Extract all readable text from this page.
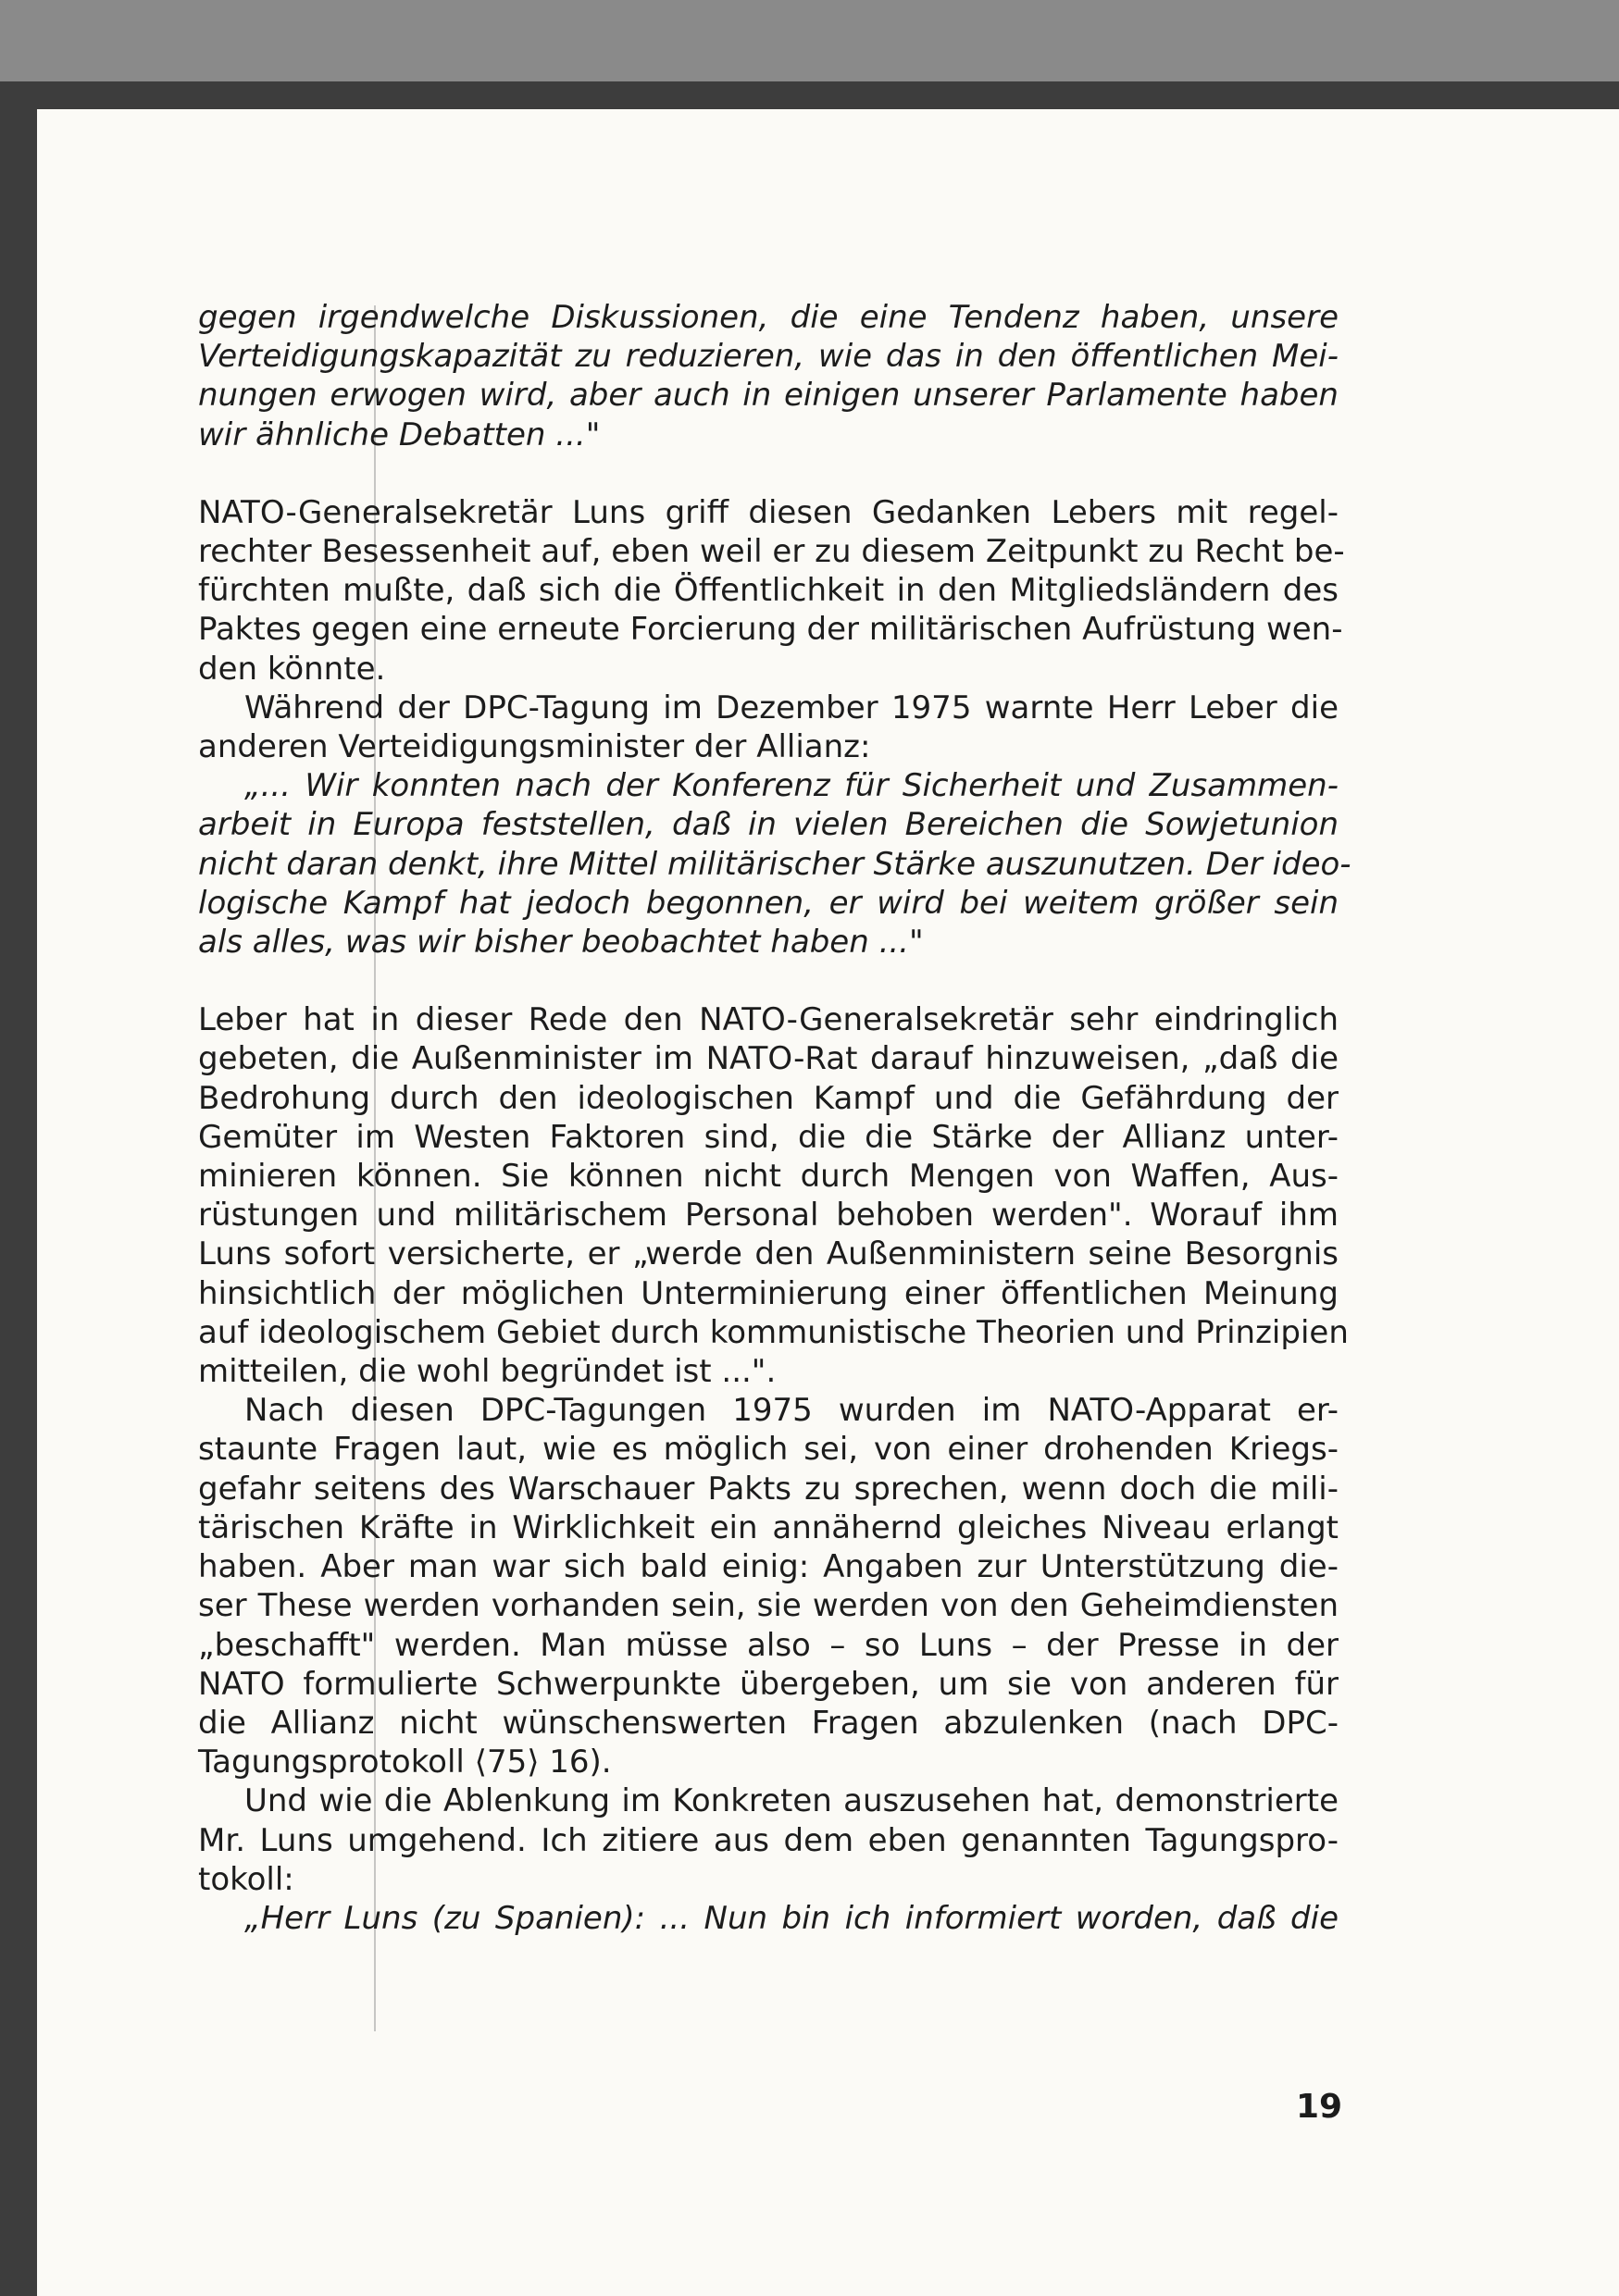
gegen irgendwelche Diskussionen, die eine Tendenz haben, unsere
Verteidigungskapazität zu reduzieren, wie das in den öffentlichen Mei-
nungen erwogen wird, aber auch in einigen unserer Parlamente haben
wir ähnliche Debatten ..."
NATO-Generalsekretär Luns griff diesen Gedanken Lebers mit regel-
rechter Besessenheit auf, eben weil er zu diesem Zeitpunkt zu Recht be-
fürchten mußte, daß sich die Öffentlichkeit in den Mitgliedsländern des
Paktes gegen eine erneute Forcierung der militärischen Aufrüstung wen-
den könnte.
Während der DPC-Tagung im Dezember 1975 warnte Herr Leber die
anderen Verteidigungsminister der Allianz:
„... Wir konnten nach der Konferenz für Sicherheit und Zusammen-
arbeit in Europa feststellen, daß in vielen Bereichen die Sowjetunion
nicht daran denkt, ihre Mittel militärischer Stärke auszunutzen. Der ideo-
logische Kampf hat jedoch begonnen, er wird bei weitem größer sein
als alles, was wir bisher beobachtet haben ..."
Leber hat in dieser Rede den NATO-Generalsekretär sehr eindringlich
gebeten, die Außenminister im NATO-Rat darauf hinzuweisen, „daß die
Bedrohung durch den ideologischen Kampf und die Gefährdung der
Gemüter im Westen Faktoren sind, die die Stärke der Allianz unter-
minieren können. Sie können nicht durch Mengen von Waffen, Aus-
rüstungen und militärischem Personal behoben werden". Worauf ihm
Luns sofort versicherte, er „werde den Außenministern seine Besorgnis
hinsichtlich der möglichen Unterminierung einer öffentlichen Meinung
auf ideologischem Gebiet durch kommunistische Theorien und Prinzipien
mitteilen, die wohl begründet ist ...".
Nach diesen DPC-Tagungen 1975 wurden im NATO-Apparat er-
staunte Fragen laut, wie es möglich sei, von einer drohenden Kriegs-
gefahr seitens des Warschauer Pakts zu sprechen, wenn doch die mili-
tärischen Kräfte in Wirklichkeit ein annähernd gleiches Niveau erlangt
haben. Aber man war sich bald einig: Angaben zur Unterstützung die-
ser These werden vorhanden sein, sie werden von den Geheimdiensten
„beschafft" werden. Man müsse also – so Luns – der Presse in der
NATO formulierte Schwerpunkte übergeben, um sie von anderen für
die Allianz nicht wünschenswerten Fragen abzulenken (nach DPC-
Tagungsprotokoll ⟨75⟩ 16).
Und wie die Ablenkung im Konkreten auszusehen hat, demonstrierte
Mr. Luns umgehend. Ich zitiere aus dem eben genannten Tagungspro-
tokoll:
„Herr Luns (zu Spanien): ... Nun bin ich informiert worden, daß die
19
